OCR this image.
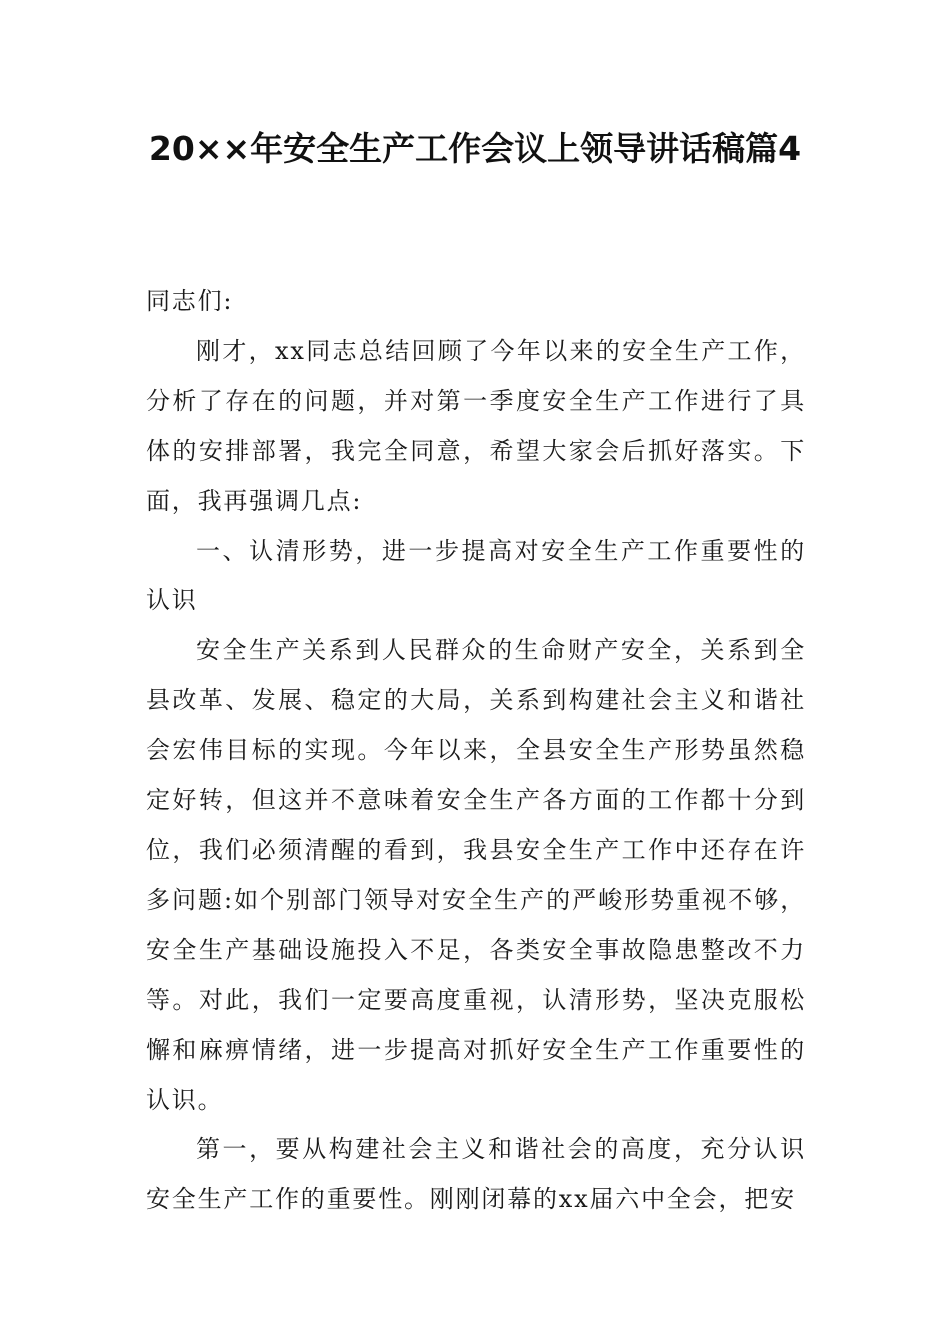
20××年安全生产工作会议上领导讲话稿篇4

同志们:

刚才，xx同志总结回顾了今年以来的安全生产工作，分析了存在的问题，并对第一季度安全生产工作进行了具体的安排部署，我完全同意，希望大家会后抓好落实。下面，我再强调几点:

一、认清形势，进一步提高对安全生产工作重要性的认识

安全生产关系到人民群众的生命财产安全，关系到全县改革、发展、稳定的大局，关系到构建社会主义和谐社会宏伟目标的实现。今年以来，全县安全生产形势虽然稳定好转，但这并不意味着安全生产各方面的工作都十分到位，我们必须清醒的看到，我县安全生产工作中还存在许多问题:如个别部门领导对安全生产的严峻形势重视不够，安全生产基础设施投入不足，各类安全事故隐患整改不力等。对此，我们一定要高度重视，认清形势，坚决克服松懈和麻痹情绪，进一步提高对抓好安全生产工作重要性的认识。

第一，要从构建社会主义和谐社会的高度，充分认识安全生产工作的重要性。刚刚闭幕的xx届六中全会，把安
